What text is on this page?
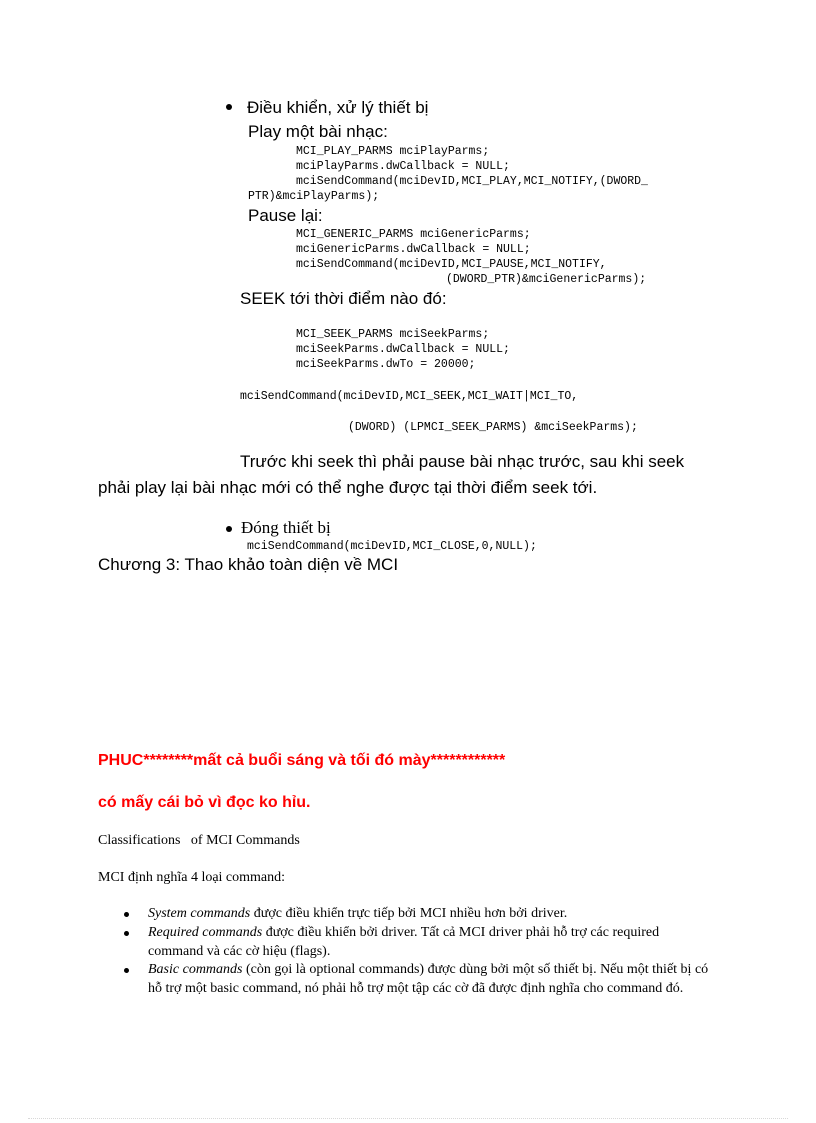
Điều khiển, xử lý thiết bị
Play một bài nhạc:
MCI_PLAY_PARMS mciPlayParms;
mciPlayParms.dwCallback = NULL;
mciSendCommand(mciDevID,MCI_PLAY,MCI_NOTIFY,(DWORD_
PTR)&mciPlayParms);
Pause lại:
MCI_GENERIC_PARMS mciGenericParms;
mciGenericParms.dwCallback = NULL;
mciSendCommand(mciDevID,MCI_PAUSE,MCI_NOTIFY,
(DWORD_PTR)&mciGenericParms);
SEEK tới thời điểm nào đó:
MCI_SEEK_PARMS mciSeekParms;
mciSeekParms.dwCallback = NULL;
mciSeekParms.dwTo = 20000;
mciSendCommand(mciDevID,MCI_SEEK,MCI_WAIT|MCI_TO,
(DWORD) (LPMCI_SEEK_PARMS) &mciSeekParms);
Trước khi seek thì phải pause bài nhạc trước, sau khi seek
phải play lại bài nhạc mới có thể nghe được tại thời điểm seek tới.
Đóng thiết bị
mciSendCommand(mciDevID,MCI_CLOSE,0,NULL);
Chương 3: Thao khảo toàn diện về MCI
PHUC********mất cả buổi sáng và tối đó mày************
có mấy cái bỏ vì đọc ko hỉu.
Classifications   of MCI Commands
MCI định nghĩa 4 loại command:
System commands được điều khiển trực tiếp bởi MCI nhiều hơn bởi driver.
Required commands được điều khiển bởi driver. Tất cả MCI driver phải hỗ trợ các required command và các cờ hiệu (flags).
Basic commands (còn gọi là optional commands) được dùng bởi một số thiết bị. Nếu một thiết bị có hỗ trợ một basic command, nó phải hỗ trợ một tập các cờ đã được định nghĩa cho command đó.
